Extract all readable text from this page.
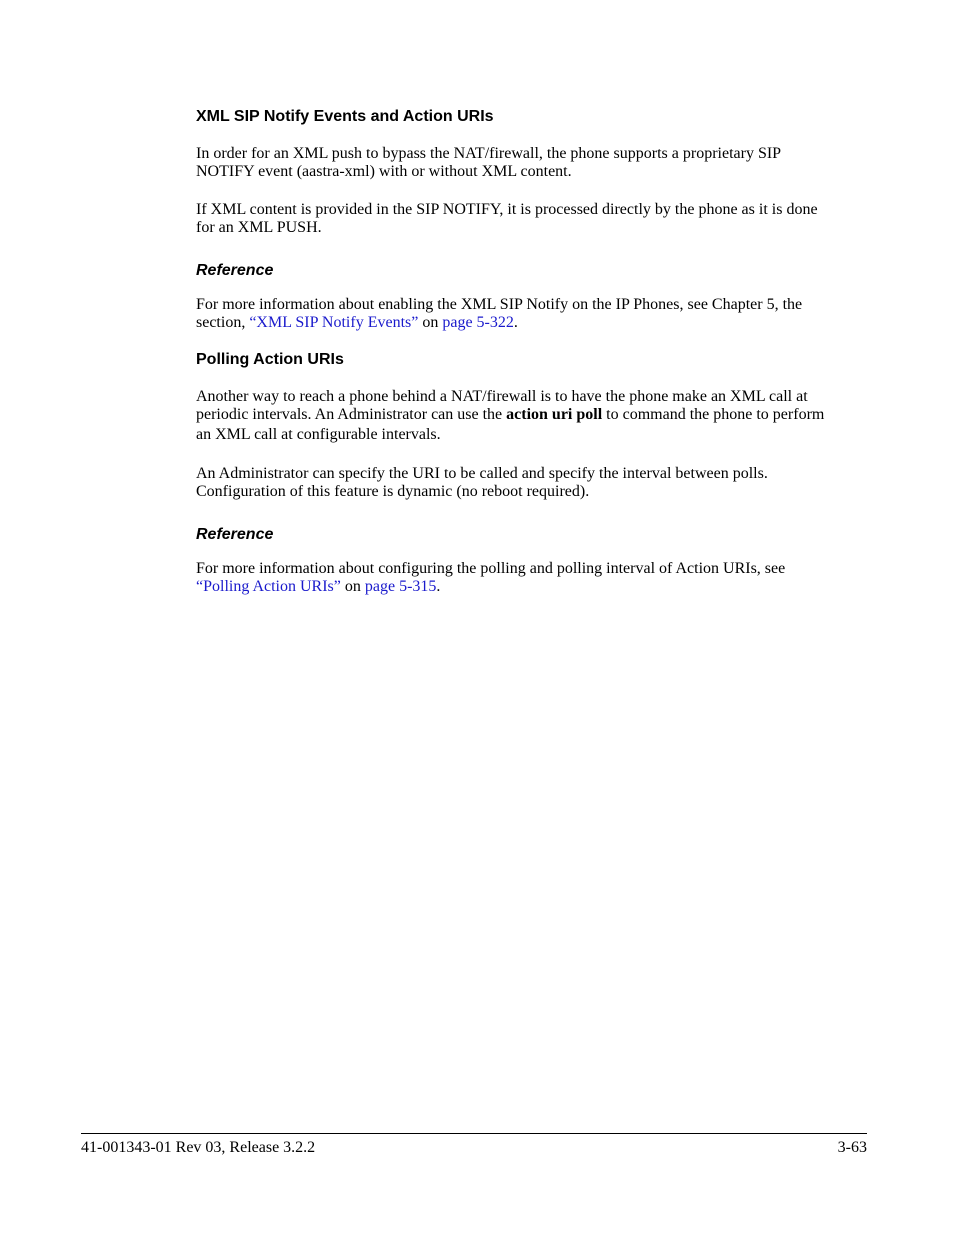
XML SIP Notify Events and Action URIs
In order for an XML push to bypass the NAT/firewall, the phone supports a proprietary SIP
NOTIFY event (aastra-xml) with or without XML content.
If XML content is provided in the SIP NOTIFY, it is processed directly by the phone as it is done
for an XML PUSH.
Reference
For more information about enabling the XML SIP Notify on the IP Phones, see Chapter 5, the
section, “XML SIP Notify Events” on page 5-322.
Polling Action URIs
Another way to reach a phone behind a NAT/firewall is to have the phone make an XML call at
periodic intervals. An Administrator can use the action uri poll to command the phone to perform
an XML call at configurable intervals.
An Administrator can specify the URI to be called and specify the interval between polls.
Configuration of this feature is dynamic (no reboot required).
Reference
For more information about configuring the polling and polling interval of Action URIs, see
“Polling Action URIs” on page 5-315.
41-001343-01 Rev 03, Release 3.2.2	3-63
